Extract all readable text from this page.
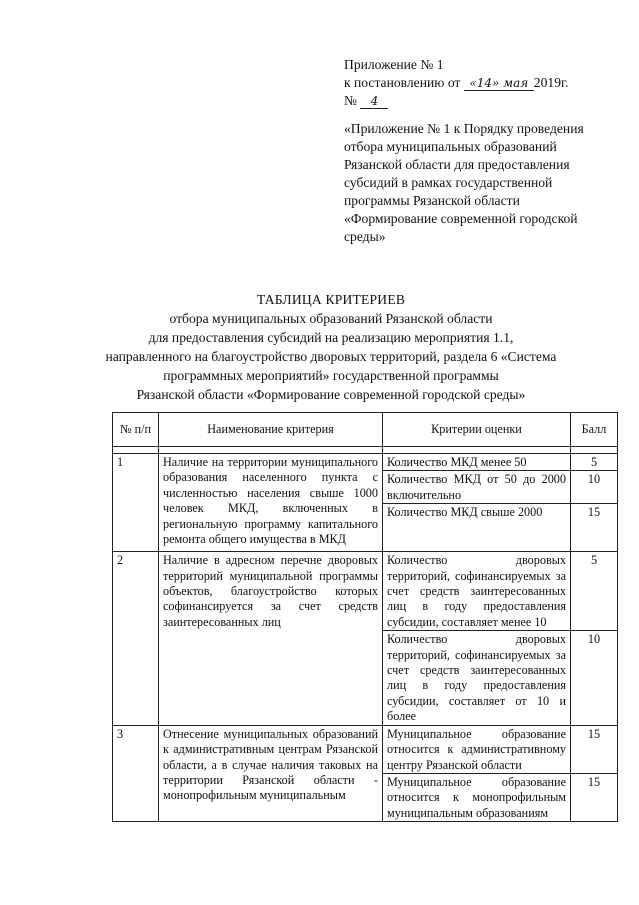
Приложение № 1
к постановлению от «14» мая 2019г.
№ 4
«Приложение № 1 к Порядку проведения отбора муниципальных образований Рязанской области для предоставления субсидий в рамках государственной программы Рязанской области «Формирование современной городской среды»
ТАБЛИЦА КРИТЕРИЕВ
отбора муниципальных образований Рязанской области
для предоставления субсидий на реализацию мероприятия 1.1,
направленного на благоустройство дворовых территорий, раздела 6 «Система
программных мероприятий» государственной программы
Рязанской области «Формирование современной городской среды»
№ п/п	Наименование критерия	Критерии оценки	Балл

1	Наличие на территории муниципального образования населенного пункта с численностью населения свыше 1000 человек МКД, включенных в региональную программу капитального ремонта общего имущества в МКД	Количество МКД менее 50	5
		Количество МКД от 50 до 2000 включительно	10
		Количество МКД свыше 2000	15
2	Наличие в адресном перечне дворовых территорий муниципальной программы объектов, благоустройство которых софинансируется за счет средств заинтересованных лиц	Количество дворовых территорий, софинансируемых за счет средств заинтересованных лиц в году предоставления субсидии, составляет менее 10	5
		Количество дворовых территорий, софинансируемых за счет средств заинтересованных лиц в году предоставления субсидии, составляет от 10 и более	10
3	Отнесение муниципальных образований к административным центрам Рязанской области, а в случае наличия таковых на территории Рязанской области - монопрофильным муниципальным	Муниципальное образование относится к административному центру Рязанской области	15
		Муниципальное образование относится к монопрофильным муниципальным образованиям	15
